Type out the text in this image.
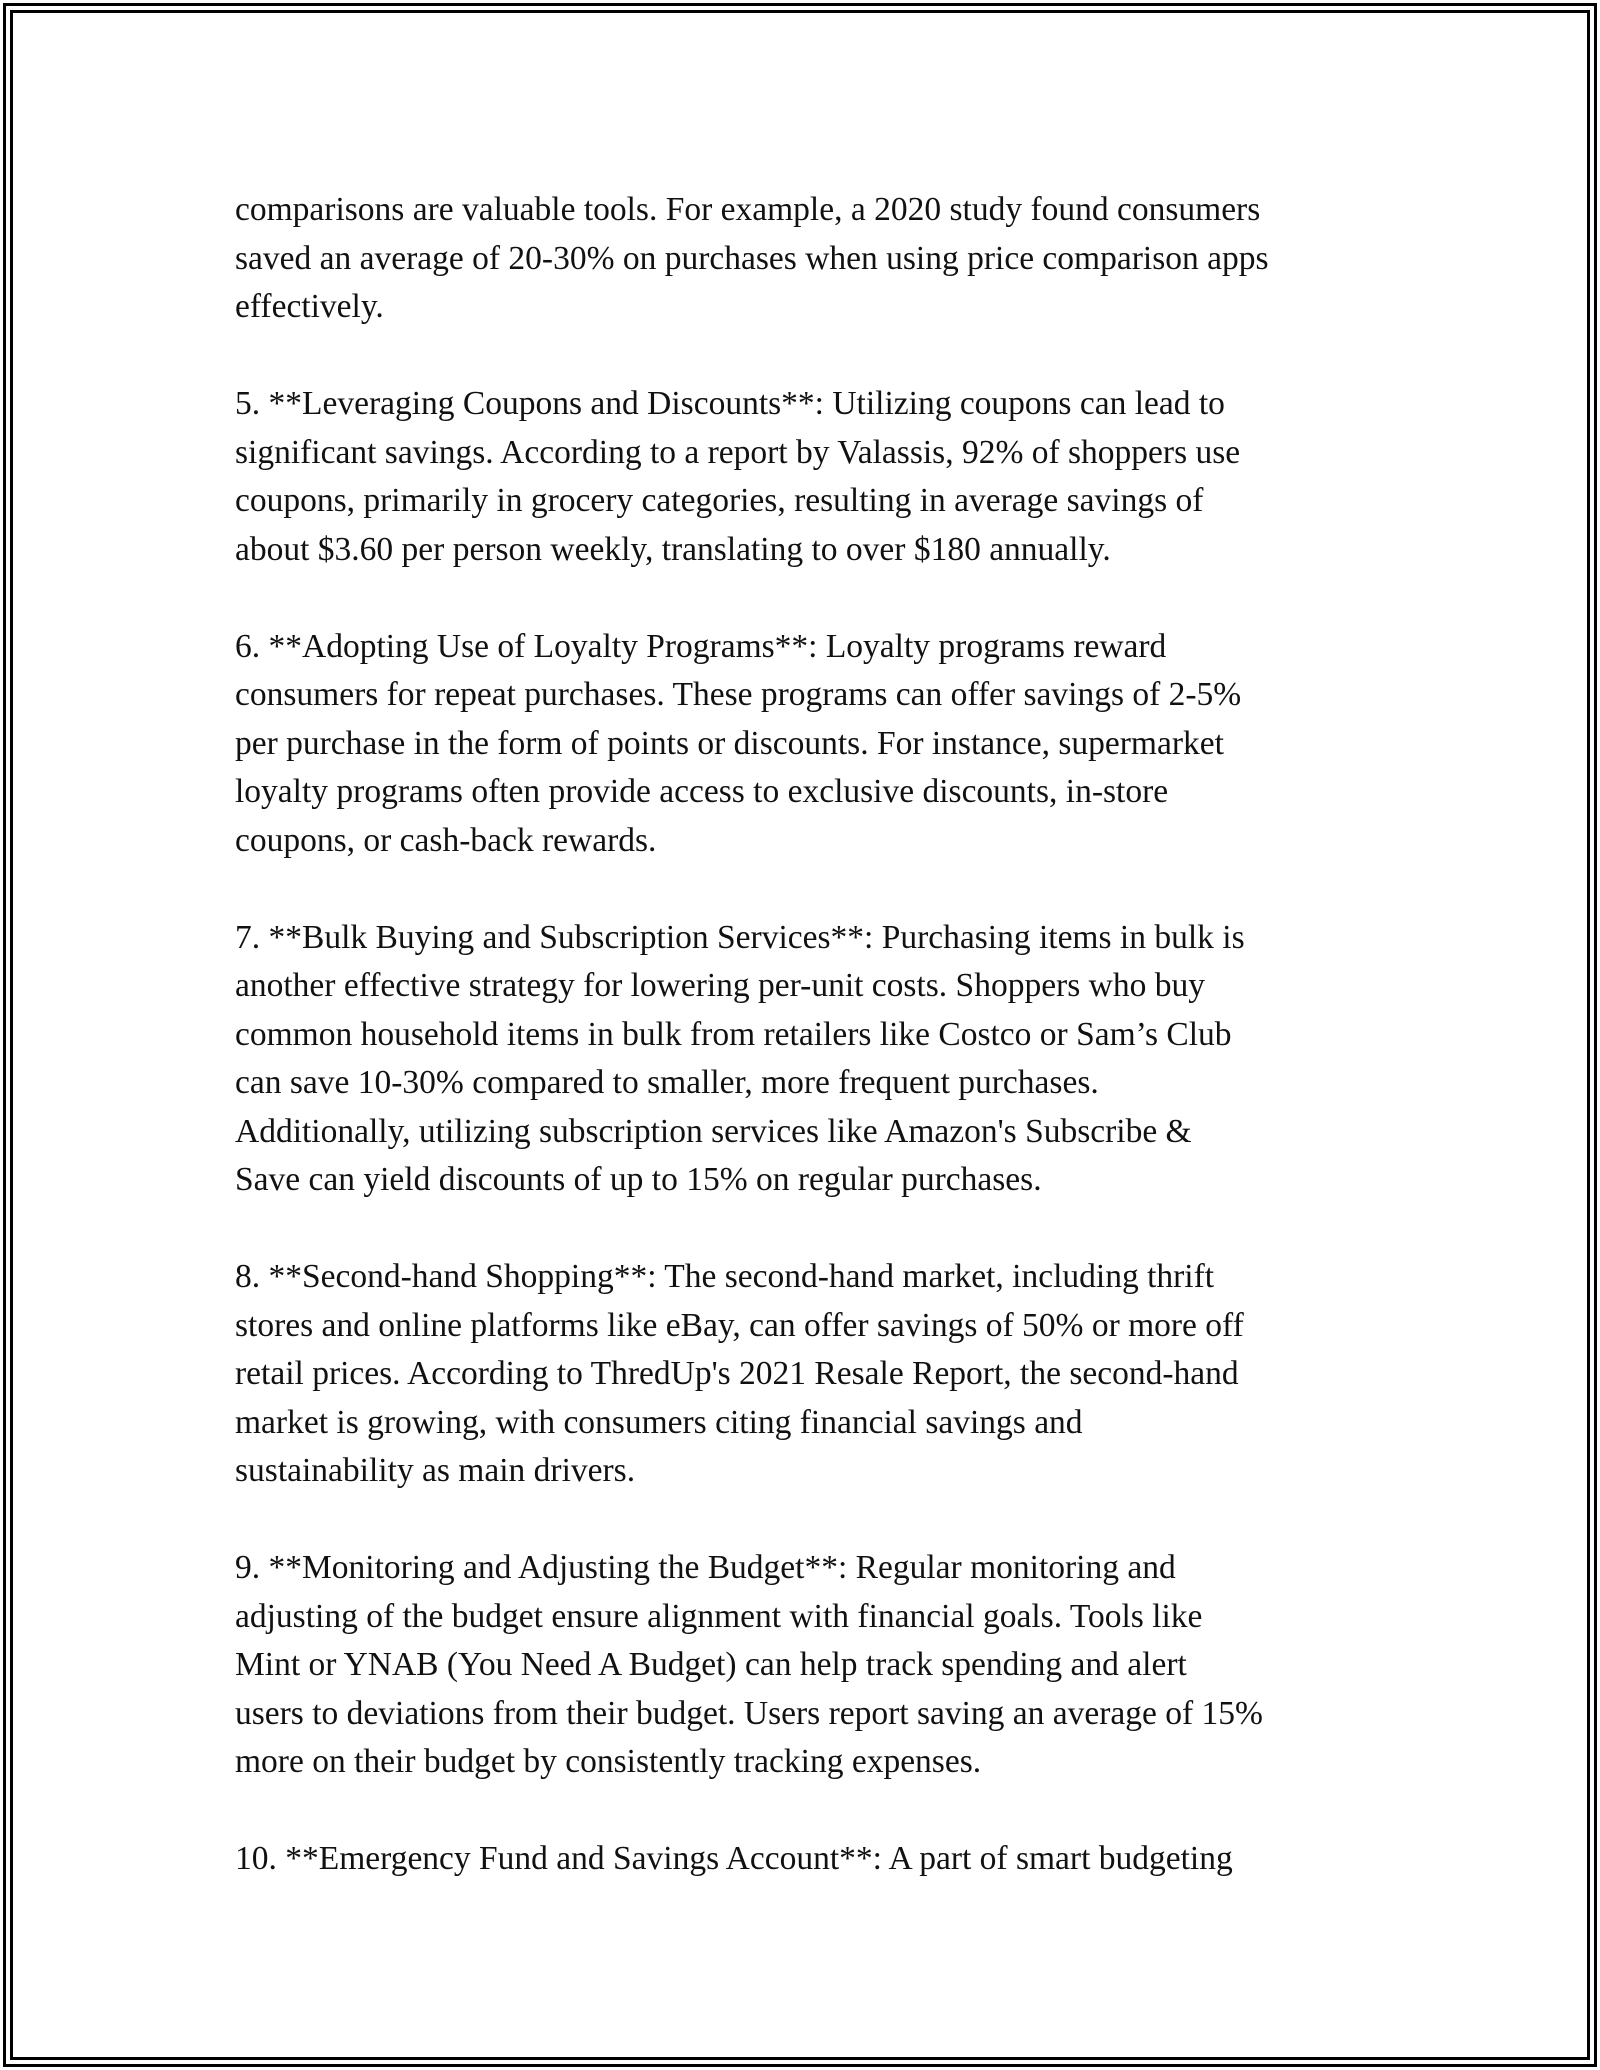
comparisons are valuable tools. For example, a 2020 study found consumers
saved an average of 20-30% on purchases when using price comparison apps
effectively.

5. **Leveraging Coupons and Discounts**: Utilizing coupons can lead to
significant savings. According to a report by Valassis, 92% of shoppers use
coupons, primarily in grocery categories, resulting in average savings of
about $3.60 per person weekly, translating to over $180 annually.

6. **Adopting Use of Loyalty Programs**: Loyalty programs reward
consumers for repeat purchases. These programs can offer savings of 2-5%
per purchase in the form of points or discounts. For instance, supermarket
loyalty programs often provide access to exclusive discounts, in-store
coupons, or cash-back rewards.

7. **Bulk Buying and Subscription Services**: Purchasing items in bulk is
another effective strategy for lowering per-unit costs. Shoppers who buy
common household items in bulk from retailers like Costco or Sam’s Club
can save 10-30% compared to smaller, more frequent purchases.
Additionally, utilizing subscription services like Amazon's Subscribe &
Save can yield discounts of up to 15% on regular purchases.

8. **Second-hand Shopping**: The second-hand market, including thrift
stores and online platforms like eBay, can offer savings of 50% or more off
retail prices. According to ThredUp's 2021 Resale Report, the second-hand
market is growing, with consumers citing financial savings and
sustainability as main drivers.

9. **Monitoring and Adjusting the Budget**: Regular monitoring and
adjusting of the budget ensure alignment with financial goals. Tools like
Mint or YNAB (You Need A Budget) can help track spending and alert
users to deviations from their budget. Users report saving an average of 15%
more on their budget by consistently tracking expenses.

10. **Emergency Fund and Savings Account**: A part of smart budgeting
